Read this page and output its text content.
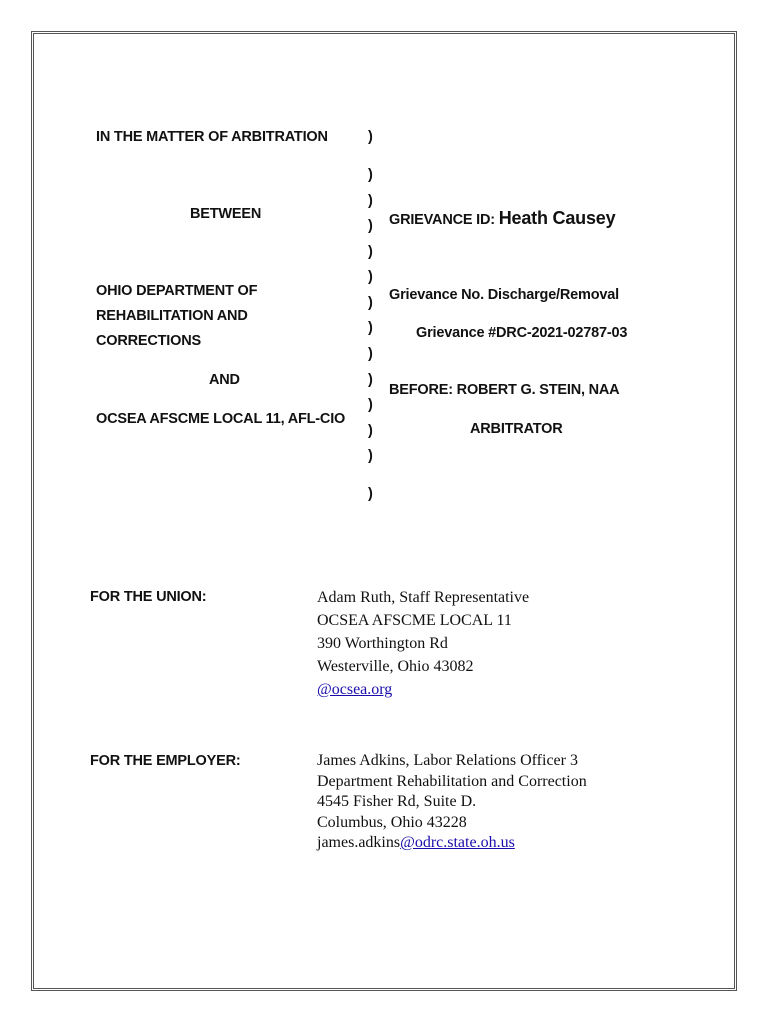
IN THE MATTER OF ARBITRATION
BETWEEN
OHIO DEPARTMENT OF
REHABILITATION AND
CORRECTIONS
AND
OCSEA AFSCME LOCAL 11, AFL-CIO
)
)
)
)
)
)
)
)
)
)
)
)
)
)
GRIEVANCE ID: Heath Causey
Grievance No. Discharge/Removal
Grievance #DRC-2021-02787-03
BEFORE: ROBERT G. STEIN, NAA
ARBITRATOR
FOR THE UNION:	Adam Ruth, Staff Representative
OCSEA AFSCME LOCAL 11
390 Worthington Rd
Westerville, Ohio 43082
@ocsea.org
FOR THE EMPLOYER:	James Adkins, Labor Relations Officer 3
Department Rehabilitation and Correction
4545 Fisher Rd, Suite D.
Columbus, Ohio 43228
james.adkins@odrc.state.oh.us
